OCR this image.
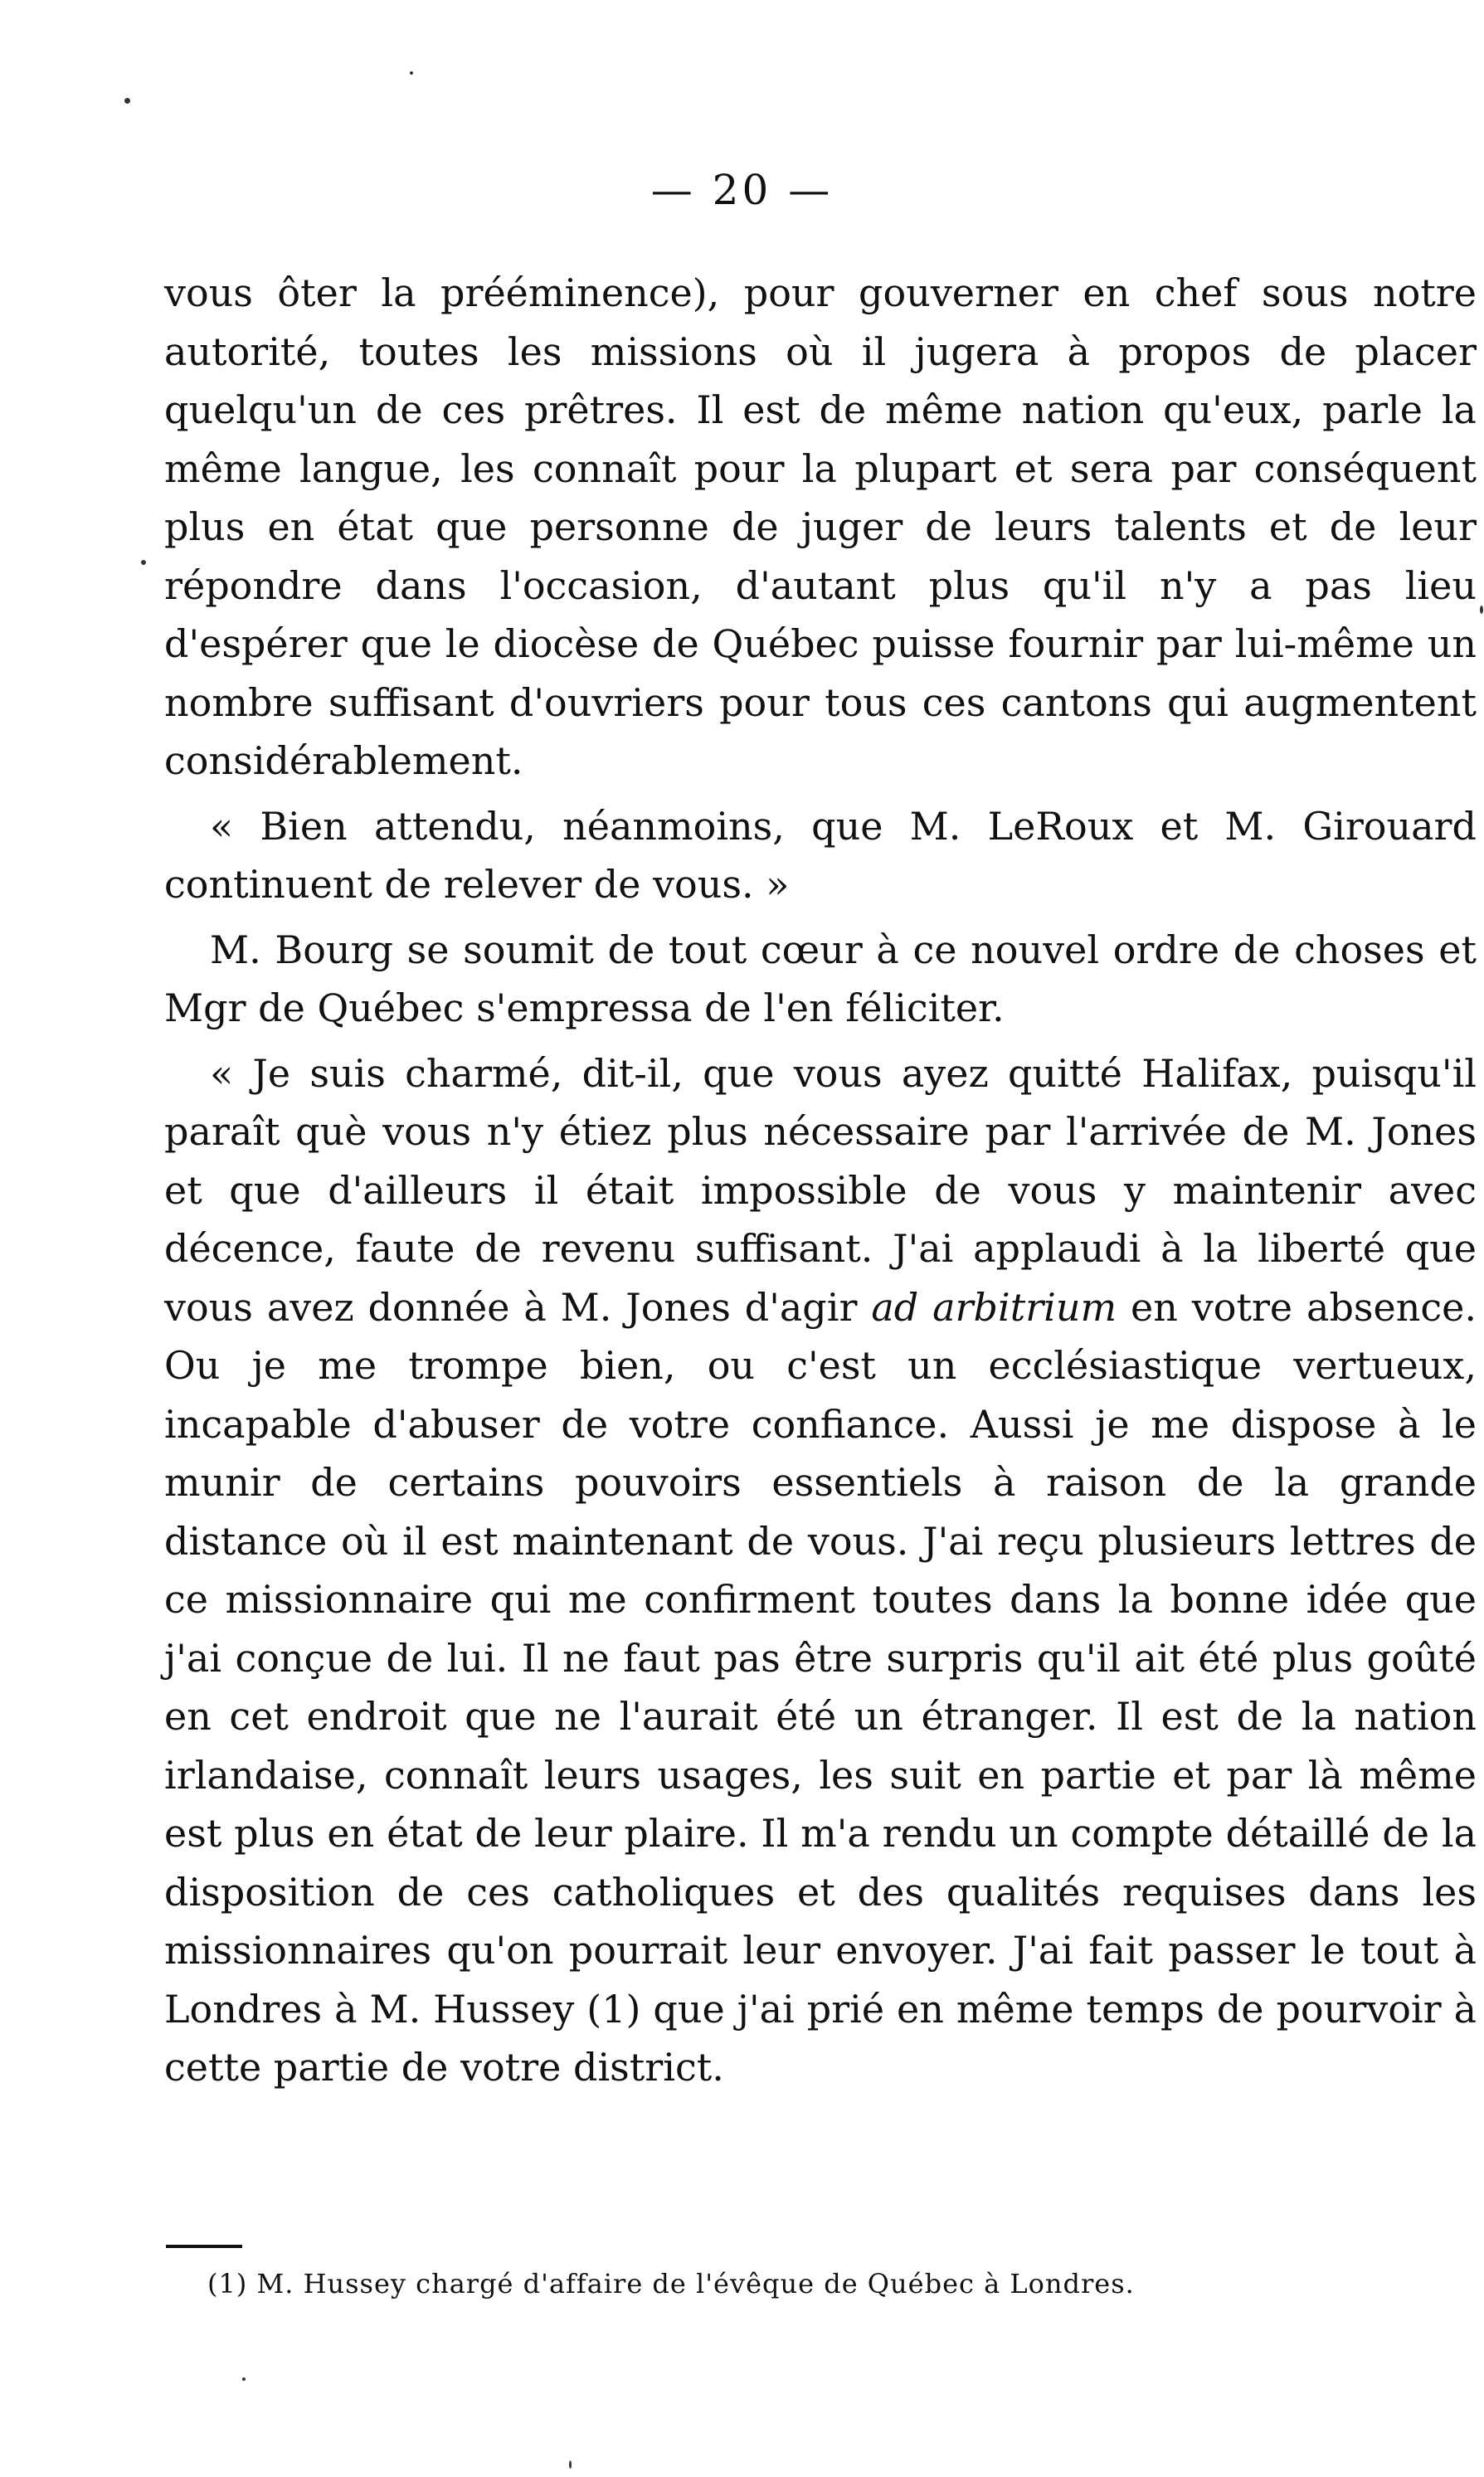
— 20 —

vous ôter la prééminence), pour gouverner en chef sous notre autorité, toutes les missions où il jugera à propos de placer quelqu'un de ces prêtres. Il est de même nation qu'eux, parle la même langue, les connaît pour la plupart et sera par conséquent plus en état que personne de juger de leurs talents et de leur répondre dans l'occasion, d'autant plus qu'il n'y a pas lieu d'espérer que le diocèse de Québec puisse fournir par lui-même un nombre suffisant d'ouvriers pour tous ces cantons qui augmentent considérablement.

« Bien attendu, néanmoins, que M. LeRoux et M. Girouard continuent de relever de vous. »

M. Bourg se soumit de tout cœur à ce nouvel ordre de choses et Mgr de Québec s'empressa de l'en féliciter.

« Je suis charmé, dit-il, que vous ayez quitté Halifax, puisqu'il paraît què vous n'y étiez plus nécessaire par l'arrivée de M. Jones et que d'ailleurs il était impossible de vous y maintenir avec décence, faute de revenu suffisant. J'ai applaudi à la liberté que vous avez donnée à M. Jones d'agir ad arbitrium en votre absence. Ou je me trompe bien, ou c'est un ecclésiastique vertueux, incapable d'abuser de votre confiance. Aussi je me dispose à le munir de certains pouvoirs essentiels à raison de la grande distance où il est maintenant de vous. J'ai reçu plusieurs lettres de ce missionnaire qui me confirment toutes dans la bonne idée que j'ai conçue de lui. Il ne faut pas être surpris qu'il ait été plus goûté en cet endroit que ne l'aurait été un étranger. Il est de la nation irlandaise, connaît leurs usages, les suit en partie et par là même est plus en état de leur plaire. Il m'a rendu un compte détaillé de la disposition de ces catholiques et des qualités requises dans les missionnaires qu'on pourrait leur envoyer. J'ai fait passer le tout à Londres à M. Hussey (1) que j'ai prié en même temps de pourvoir à cette partie de votre district.

(1) M. Hussey chargé d'affaire de l'évêque de Québec à Londres.
